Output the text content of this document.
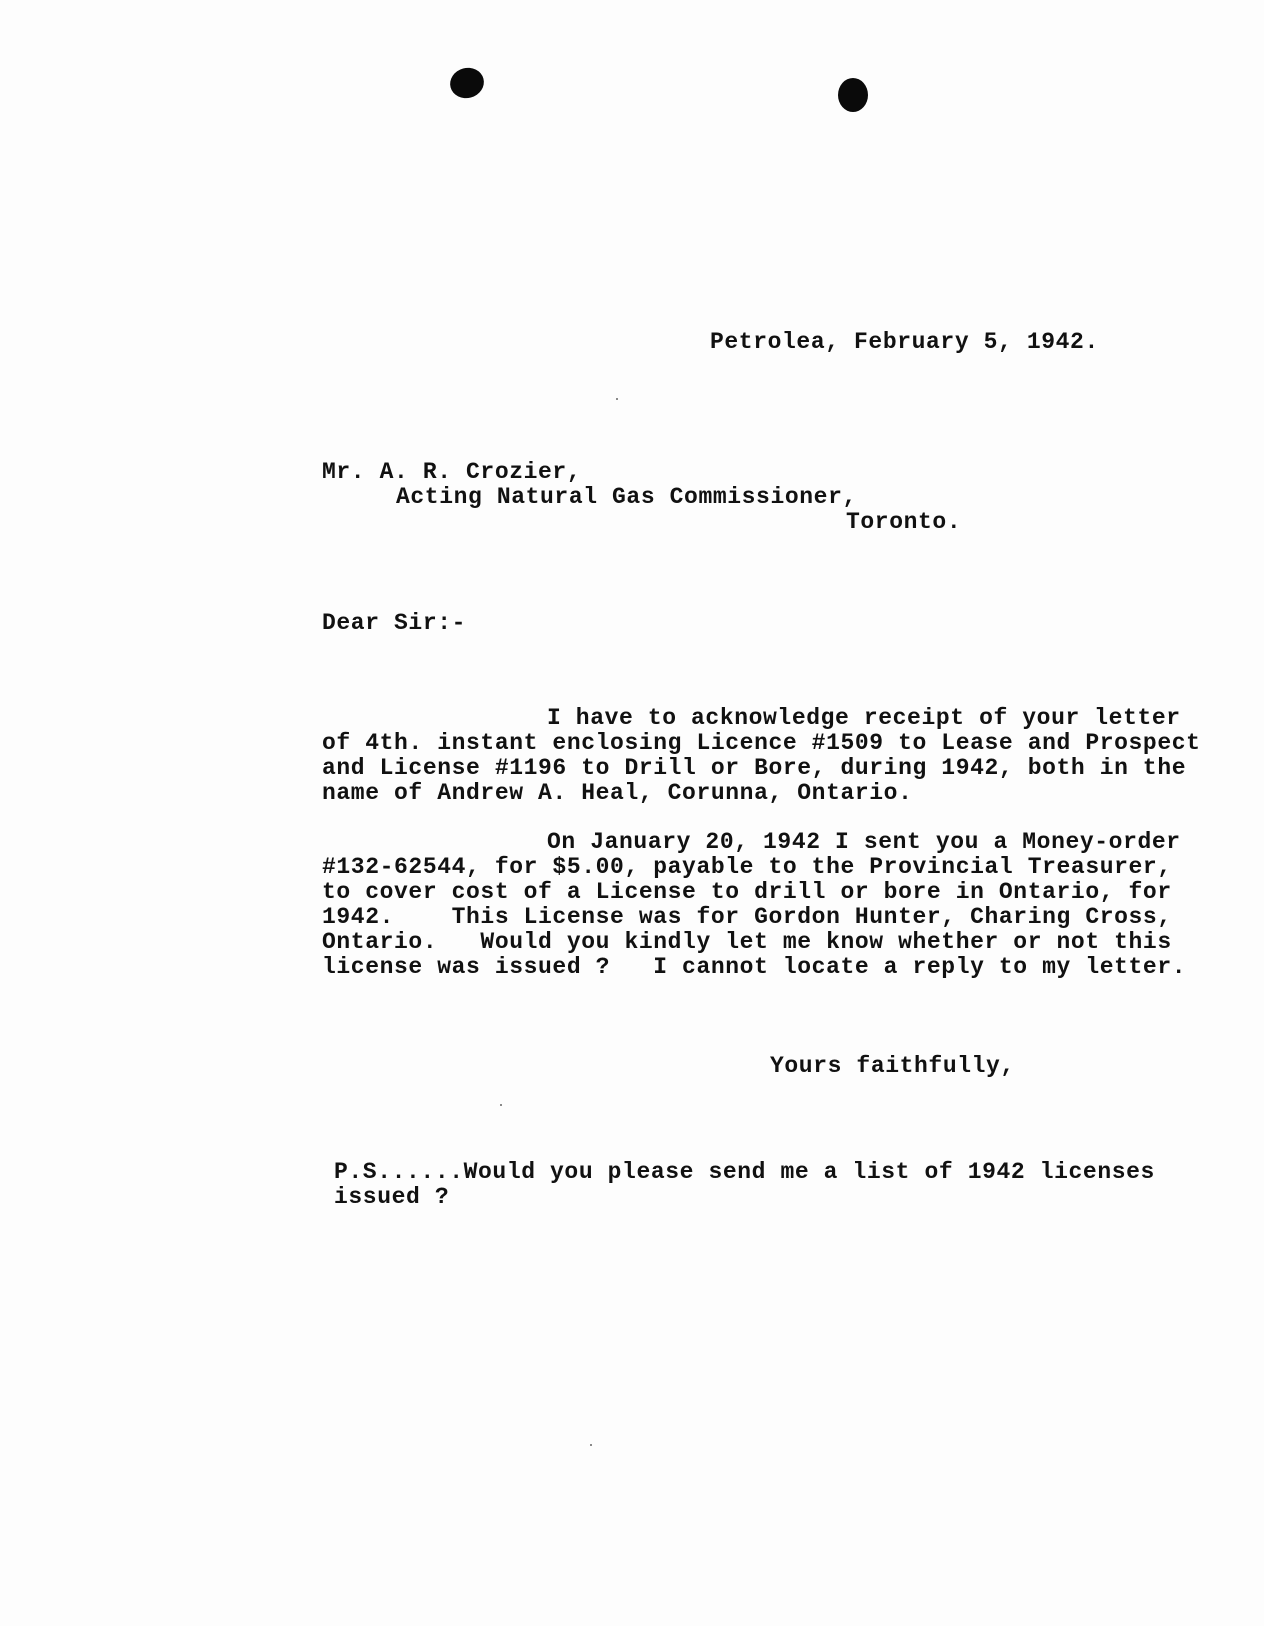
Petrolea, February 5, 1942.
Mr. A. R. Crozier,
Acting Natural Gas Commissioner,
Toronto.
Dear Sir:-
I have to acknowledge receipt of your letter
of 4th. instant enclosing Licence #1509 to Lease and Prospect
and License #1196 to Drill or Bore, during 1942, both in the
name of Andrew A. Heal, Corunna, Ontario.
On January 20, 1942 I sent you a Money-order
#132-62544, for $5.00, payable to the Provincial Treasurer,
to cover cost of a License to drill or bore in Ontario, for
1942.    This License was for Gordon Hunter, Charing Cross,
Ontario.   Would you kindly let me know whether or not this
license was issued ?   I cannot locate a reply to my letter.
Yours faithfully,
P.S......Would you please send me a list of 1942 licenses
issued ?
